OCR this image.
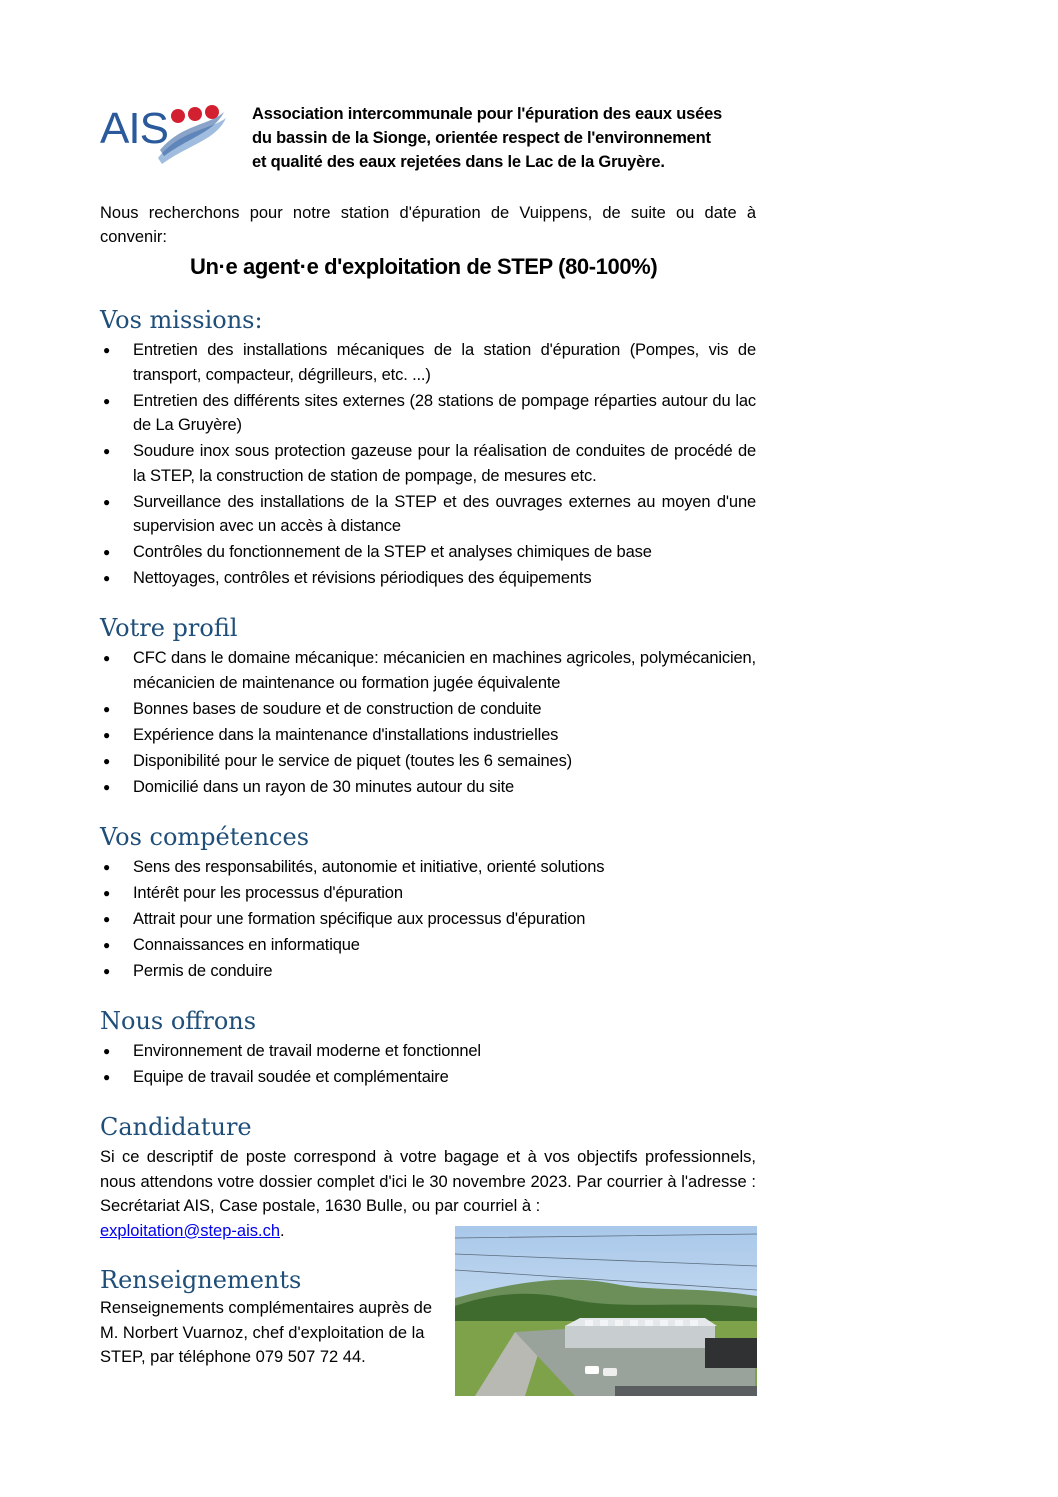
AIS	Association intercommunale pour l'épuration des eaux usées
du bassin de la Sionge, orientée respect de l'environnement
et qualité des eaux rejetées dans le Lac de la Gruyère.
Nous recherchons pour notre station d'épuration de Vuippens, de suite ou date à convenir:
Un·e agent·e d'exploitation de STEP (80-100%)
Vos missions:
● Entretien des installations mécaniques de la station d'épuration (Pompes, vis de transport, compacteur, dégrilleurs, etc. ...)
● Entretien des différents sites externes (28 stations de pompage réparties autour du lac de La Gruyère)
● Soudure inox sous protection gazeuse pour la réalisation de conduites de procédé de la STEP, la construction de station de pompage, de mesures etc.
● Surveillance des installations de la STEP et des ouvrages externes au moyen d'une supervision avec un accès à distance
● Contrôles du fonctionnement de la STEP et analyses chimiques de base
● Nettoyages, contrôles et révisions périodiques des équipements
Votre profil
● CFC dans le domaine mécanique: mécanicien en machines agricoles, polymécanicien, mécanicien de maintenance ou formation jugée équivalente
● Bonnes bases de soudure et de construction de conduite
● Expérience dans la maintenance d'installations industrielles
● Disponibilité pour le service de piquet (toutes les 6 semaines)
● Domicilié dans un rayon de 30 minutes autour du site
Vos compétences
● Sens des responsabilités, autonomie et initiative, orienté solutions
● Intérêt pour les processus d'épuration
● Attrait pour une formation spécifique aux processus d'épuration
● Connaissances en informatique
● Permis de conduire
Nous offrons
● Environnement de travail moderne et fonctionnel
● Equipe de travail soudée et complémentaire
Candidature
Si ce descriptif de poste correspond à votre bagage et à vos objectifs professionnels, nous attendons votre dossier complet d'ici le 30 novembre 2023. Par courrier à l'adresse : Secrétariat AIS, Case postale, 1630 Bulle, ou par courriel à :
exploitation@step-ais.ch.
Renseignements
Renseignements complémentaires auprès de M. Norbert Vuarnoz, chef d'exploitation de la STEP, par téléphone 079 507 72 44.
